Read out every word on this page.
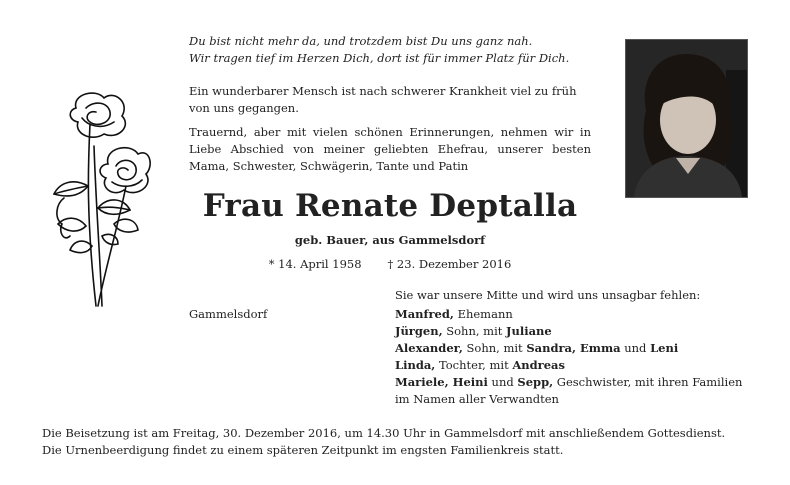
Du bist nicht mehr da, und trotzdem bist Du uns ganz nah.
Wir tragen tief im Herzen Dich, dort ist für immer Platz für Dich.
Ein wunderbarer Mensch ist nach schwerer Krankheit viel zu früh von uns gegangen.
Trauernd, aber mit vielen schönen Erinnerungen, nehmen wir in Liebe Abschied von meiner geliebten Ehefrau, unserer besten Mama, Schwester, Schwägerin, Tante und Patin
Frau Renate Deptalla
geb. Bauer, aus Gammelsdorf
* 14. April 1958 † 23. Dezember 2016
Gammelsdorf
Sie war unsere Mitte und wird uns unsagbar fehlen:
Manfred, Ehemann
Jürgen, Sohn, mit Juliane
Alexander, Sohn, mit Sandra, Emma und Leni
Linda, Tochter, mit Andreas
Mariele, Heini und Sepp, Geschwister, mit ihren Familien
im Namen aller Verwandten
Die Beisetzung ist am Freitag, 30. Dezember 2016, um 14.30 Uhr in Gammelsdorf mit anschließendem Gottesdienst.
Die Urnenbeerdigung findet zu einem späteren Zeitpunkt im engsten Familienkreis statt.
